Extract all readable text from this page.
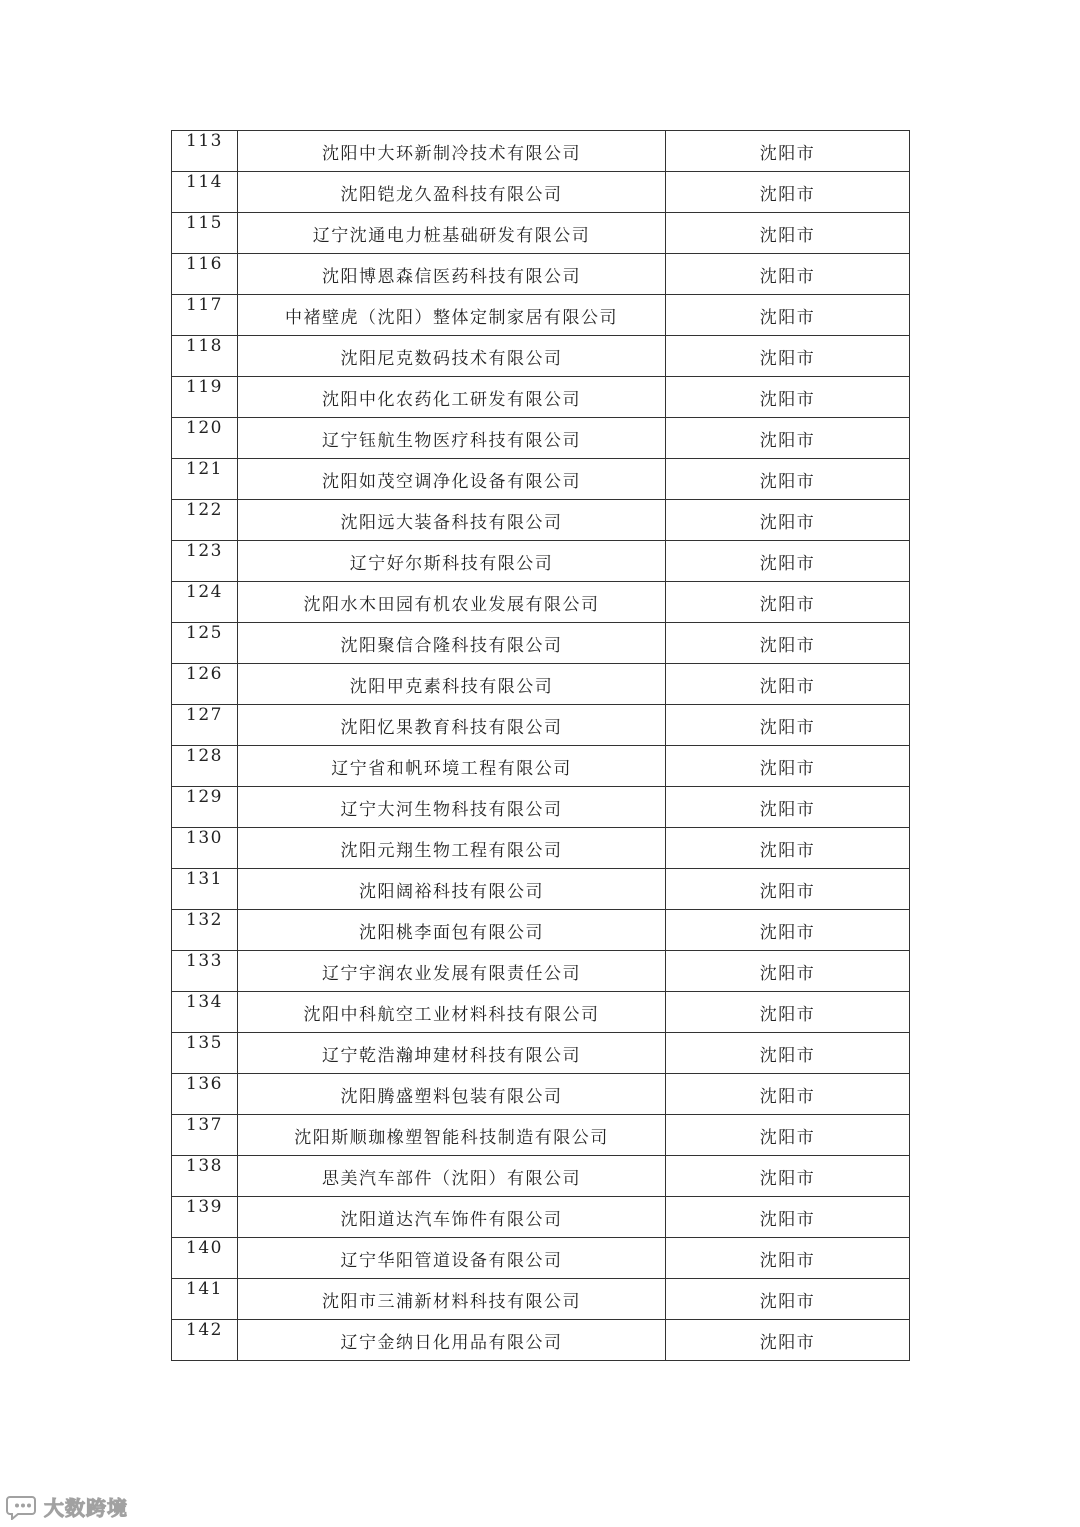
113	沈阳中大环新制冷技术有限公司	沈阳市
114	沈阳铠龙久盈科技有限公司	沈阳市
115	辽宁沈通电力桩基础研发有限公司	沈阳市
116	沈阳博恩森信医药科技有限公司	沈阳市
117	中褚壁虎（沈阳）整体定制家居有限公司	沈阳市
118	沈阳尼克数码技术有限公司	沈阳市
119	沈阳中化农药化工研发有限公司	沈阳市
120	辽宁钰航生物医疗科技有限公司	沈阳市
121	沈阳如茂空调净化设备有限公司	沈阳市
122	沈阳远大装备科技有限公司	沈阳市
123	辽宁好尔斯科技有限公司	沈阳市
124	沈阳水木田园有机农业发展有限公司	沈阳市
125	沈阳聚信合隆科技有限公司	沈阳市
126	沈阳甲克素科技有限公司	沈阳市
127	沈阳忆果教育科技有限公司	沈阳市
128	辽宁省和帆环境工程有限公司	沈阳市
129	辽宁大河生物科技有限公司	沈阳市
130	沈阳元翔生物工程有限公司	沈阳市
131	沈阳阔裕科技有限公司	沈阳市
132	沈阳桃李面包有限公司	沈阳市
133	辽宁宇润农业发展有限责任公司	沈阳市
134	沈阳中科航空工业材料科技有限公司	沈阳市
135	辽宁乾浩瀚坤建材科技有限公司	沈阳市
136	沈阳腾盛塑料包装有限公司	沈阳市
137	沈阳斯顺珈橡塑智能科技制造有限公司	沈阳市
138	思美汽车部件（沈阳）有限公司	沈阳市
139	沈阳道达汽车饰件有限公司	沈阳市
140	辽宁华阳管道设备有限公司	沈阳市
141	沈阳市三浦新材料科技有限公司	沈阳市
142	辽宁金纳日化用品有限公司	沈阳市
大数跨境
